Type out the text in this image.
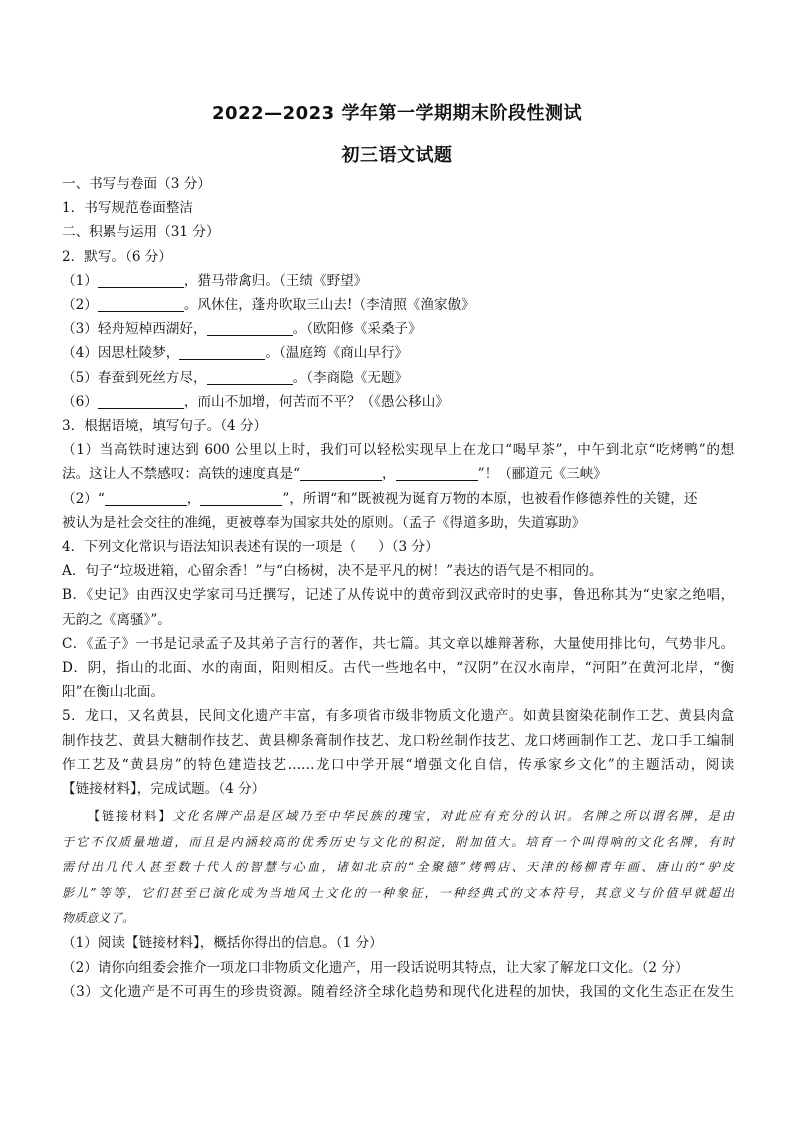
2022—2023 学年第一学期期末阶段性测试
初三语文试题
一、书写与卷面（3 分）
1．书写规范卷面整洁
二、积累与运用（31 分）
2．默写。（6 分）
（1）	，猎马带禽归。（王绩《野望》
（2）	。风休住，蓬舟吹取三山去!（李清照《渔家傲》
（3）轻舟短棹西湖好，	。（欧阳修《采桑子》
（4）因思杜陵梦，	。（温庭筠《商山早行》
（5）春蚕到死丝方尽，	。（李商隐《无题》
（6）	，而山不加增，何苦而不平？（《愚公移山》
3．根据语境，填写句子。（4 分）
（1）当高铁时速达到 600 公里以上时，我们可以轻松实现早上在龙口“喝早茶”，中午到北京“吃烤鸭”的想
法。这让人不禁感叹：高铁的速度真是“	，	”！（郦道元《三峡》
（2）“	，	”，所谓“和”既被视为诞育万物的本原，也被看作修德养性的关键，还
被认为是社会交往的准绳，更被尊奉为国家共处的原则。（孟子《得道多助，失道寡助》
4．下列文化常识与语法知识表述有误的一项是（ ）（3 分）
A．句子“垃圾进箱，心留余香！”与“白杨树，决不是平凡的树！”表达的语气是不相同的。
B．《史记》由西汉史学家司马迁撰写，记述了从传说中的黄帝到汉武帝时的史事，鲁迅称其为“史家之绝唱，
无韵之《离骚》”。
C．《孟子》一书是记录孟子及其弟子言行的著作，共七篇。其文章以雄辩著称，大量使用排比句，气势非凡。
D．阴，指山的北面、水的南面，阳则相反。古代一些地名中，“汉阴”在汉水南岸，“河阳”在黄河北岸，“衡
阳”在衡山北面。
5．龙口，又名黄县，民间文化遗产丰富，有多项省市级非物质文化遗产。如黄县窗染花制作工艺、黄县肉盒
制作技艺、黄县大糖制作技艺、黄县柳条膏制作技艺、龙口粉丝制作技艺、龙口烤画制作工艺、龙口手工编制
作工艺及“黄县房”的特色建造技艺……龙口中学开展“增强文化自信，传承家乡文化”的主题活动，阅读
【链接材料】，完成试题。（4 分）
【链接材料】文化名牌产品是区域乃至中华民族的瑰宝，对此应有充分的认识。名牌之所以谓名牌，是由
于它不仅质量地道，而且是内涵较高的优秀历史与文化的积淀，附加值大。培育一个叫得响的文化名牌，有时
需付出几代人甚至数十代人的智慧与心血，诸如北京的“全聚德”烤鸭店、天津的杨柳青年画、唐山的“驴皮
影儿”等等，它们甚至已演化成为当地风土文化的一种象征，一种经典式的文本符号，其意义与价值早就超出
物质意义了。
（1）阅读【链接材料】，概括你得出的信息。（1 分）
（2）请你向组委会推介一项龙口非物质文化遗产，用一段话说明其特点，让大家了解龙口文化。（2 分）
（3）文化遗产是不可再生的珍贵资源。随着经济全球化趋势和现代化进程的加快，我国的文化生态正在发生
